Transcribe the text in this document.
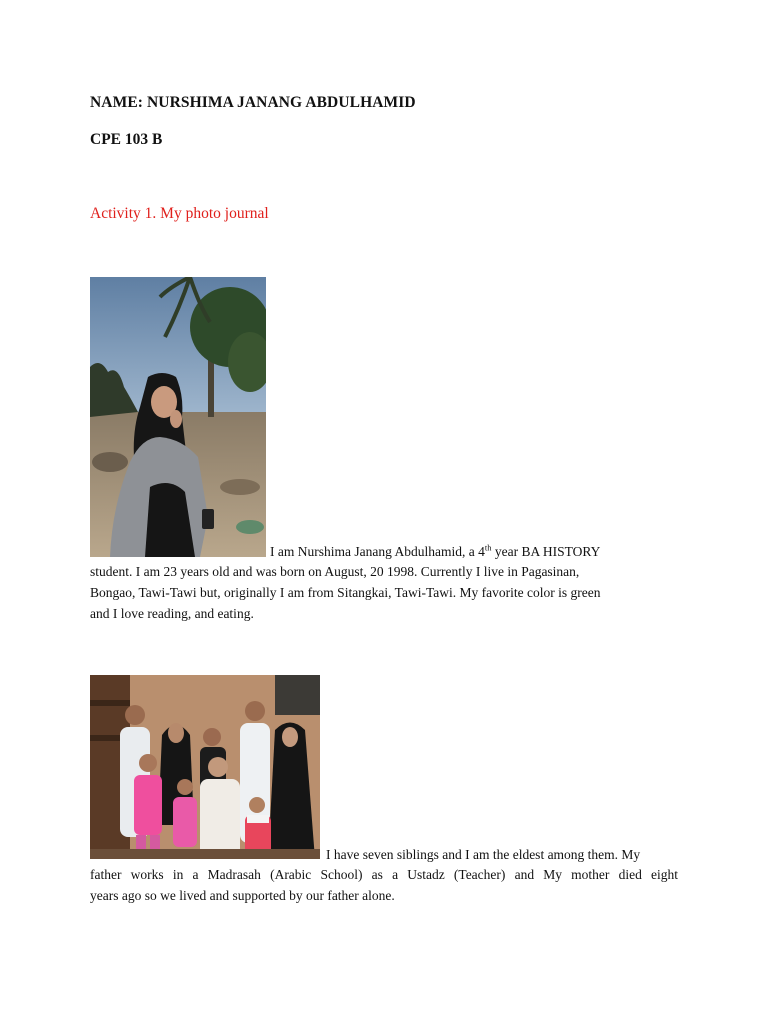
NAME: NURSHIMA JANANG ABDULHAMID
CPE 103 B
Activity 1. My photo journal
I am Nurshima Janang Abdulhamid, a 4th year BA HISTORY
student. I am 23 years old and was born on August, 20 1998. Currently I live in Pagasinan,
Bongao, Tawi-Tawi but, originally I am from Sitangkai, Tawi-Tawi. My favorite color is green
and I love reading, and eating.
I have seven siblings and I am the eldest among them. My
father works in a Madrasah (Arabic School) as a Ustadz (Teacher) and My mother died eight
years ago so we lived and supported by our father alone.
